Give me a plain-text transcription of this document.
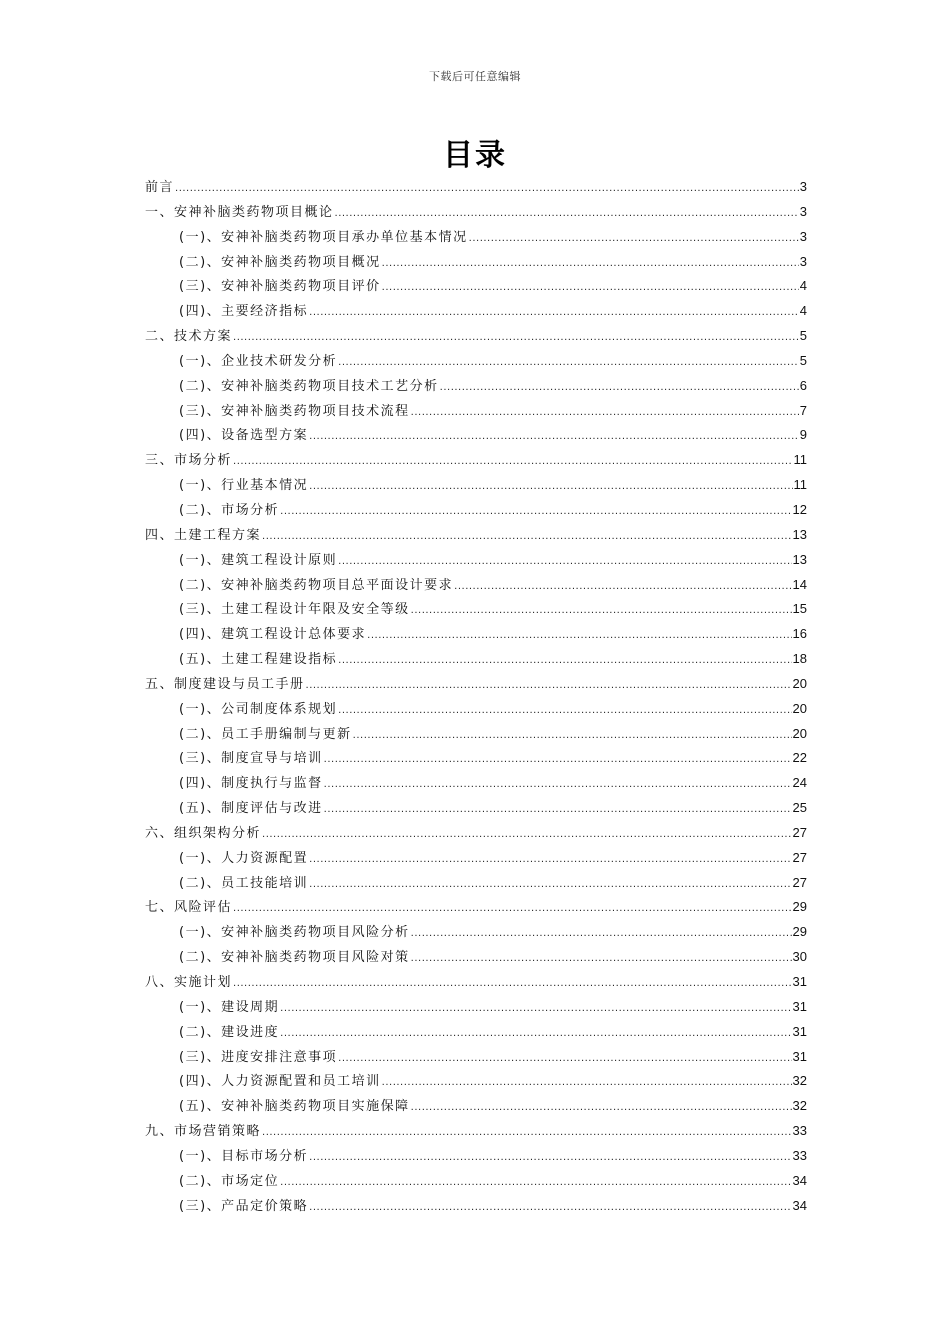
下载后可任意编辑
目录
前言 .....	3
一、安神补脑类药物项目概论 .....	3
(一)、安神补脑类药物项目承办单位基本情况 .....	3
(二)、安神补脑类药物项目概况 .....	3
(三)、安神补脑类药物项目评价 .....	4
(四)、主要经济指标 .....	4
二、技术方案 .....	5
(一)、企业技术研发分析 .....	5
(二)、安神补脑类药物项目技术工艺分析 .....	6
(三)、安神补脑类药物项目技术流程 .....	7
(四)、设备选型方案 .....	9
三、市场分析 .....	11
(一)、行业基本情况 .....	11
(二)、市场分析 .....	12
四、土建工程方案 .....	13
(一)、建筑工程设计原则 .....	13
(二)、安神补脑类药物项目总平面设计要求 .....	14
(三)、土建工程设计年限及安全等级 .....	15
(四)、建筑工程设计总体要求 .....	16
(五)、土建工程建设指标 .....	18
五、制度建设与员工手册 .....	20
(一)、公司制度体系规划 .....	20
(二)、员工手册编制与更新 .....	20
(三)、制度宣导与培训 .....	22
(四)、制度执行与监督 .....	24
(五)、制度评估与改进 .....	25
六、组织架构分析 .....	27
(一)、人力资源配置 .....	27
(二)、员工技能培训 .....	27
七、风险评估 .....	29
(一)、安神补脑类药物项目风险分析 .....	29
(二)、安神补脑类药物项目风险对策 .....	30
八、实施计划 .....	31
(一)、建设周期 .....	31
(二)、建设进度 .....	31
(三)、进度安排注意事项 .....	31
(四)、人力资源配置和员工培训 .....	32
(五)、安神补脑类药物项目实施保障 .....	32
九、市场营销策略 .....	33
(一)、目标市场分析 .....	33
(二)、市场定位 .....	34
(三)、产品定价策略 .....	34
